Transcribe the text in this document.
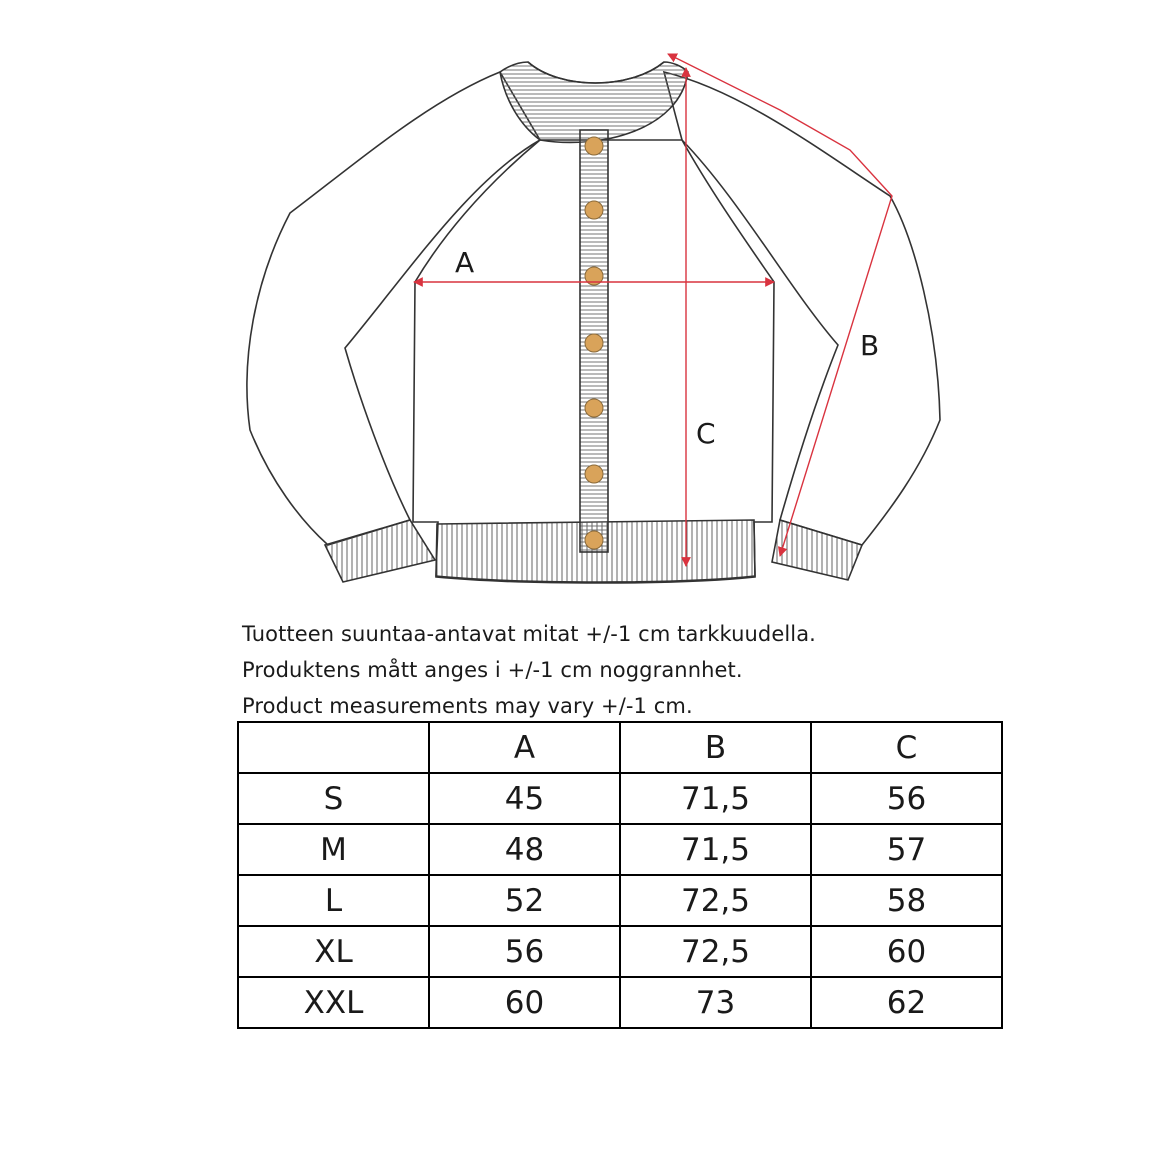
A
B
C

Tuotteen suuntaa-antavat mitat +/-1 cm tarkkuudella.

Produktens mått anges i +/-1 cm noggrannhet.

Product measurements may vary +/-1 cm.

	A	B	C
S	45	71,5	56
M	48	71,5	57
L	52	72,5	58
XL	56	72,5	60
XXL	60	73	62
